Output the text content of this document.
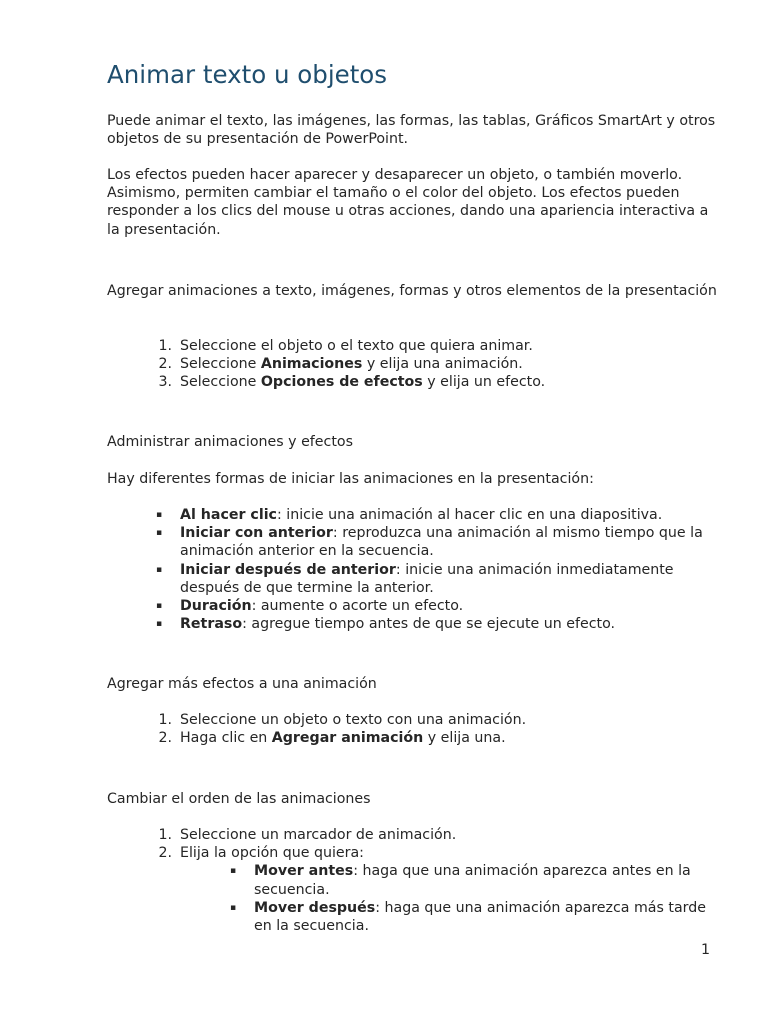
Animar texto u objetos

Puede animar el texto, las imágenes, las formas, las tablas, Gráficos SmartArt y otros objetos de su presentación de PowerPoint.

Los efectos pueden hacer aparecer y desaparecer un objeto, o también moverlo. Asimismo, permiten cambiar el tamaño o el color del objeto. Los efectos pueden responder a los clics del mouse u otras acciones, dando una apariencia interactiva a la presentación.

Agregar animaciones a texto, imágenes, formas y otros elementos de la presentación
1. Seleccione el objeto o el texto que quiera animar.
2. Seleccione Animaciones y elija una animación.
3. Seleccione Opciones de efectos y elija un efecto.
Administrar animaciones y efectos

Hay diferentes formas de iniciar las animaciones en la presentación:

▪ Al hacer clic: inicie una animación al hacer clic en una diapositiva.
▪ Iniciar con anterior: reproduzca una animación al mismo tiempo que la animación anterior en la secuencia.
▪ Iniciar después de anterior: inicie una animación inmediatamente después de que termine la anterior.
▪ Duración: aumente o acorte un efecto.
▪ Retraso: agregue tiempo antes de que se ejecute un efecto.
Agregar más efectos a una animación
1. Seleccione un objeto o texto con una animación.
2. Haga clic en Agregar animación y elija una.
Cambiar el orden de las animaciones
1. Seleccione un marcador de animación.
2. Elija la opción que quiera:
▪ Mover antes: haga que una animación aparezca antes en la secuencia.
▪ Mover después: haga que una animación aparezca más tarde en la secuencia.
1
